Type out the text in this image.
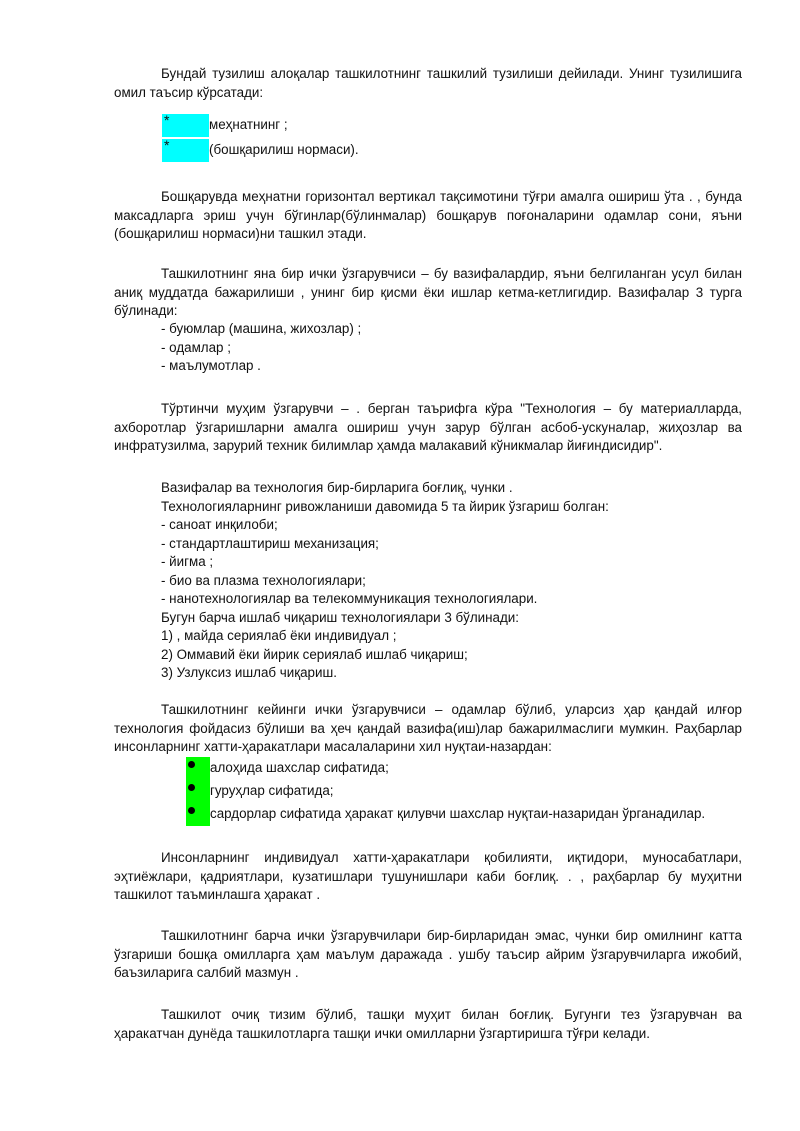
Бундай тузилиш алоқалар ташкилотнинг ташкилий тузилиши дейилади. Унинг тузилишига омил таъсир кўрсатади:

*	меҳнатнинг ;
*	(бошқарилиш нормаси).

Бошқарувда меҳнатни горизонтал вертикал тақсимотини тўғри амалга ошириш ўта . , бунда максадларга эриш учун бўгинлар(бўлинмалар) бошқарув поғоналарини одамлар сони, яъни (бошқарилиш нормаси)ни ташкил этади.

Ташкилотнинг яна бир ички ўзгарувчиси – бу вазифалардир, яъни белгиланган усул билан аниқ муддатда бажарилиши , унинг бир қисми ёки ишлар кетма-кетлигидир. Вазифалар 3 турга бўлинади:

- буюмлар (машина, жихозлар) ;
- одамлар ;
- маълумотлар .

Тўртинчи муҳим ўзгарувчи – . берган таърифга кўра "Технология – бу материалларда, ахборотлар ўзгаришларни амалга ошириш учун зарур бўлган асбоб-ускуналар, жиҳозлар ва инфратузилма, зарурий техник билимлар ҳамда малакавий кўникмалар йиғиндисидир".

Вазифалар ва технология бир-бирларига боғлиқ, чунки .
Технологияларнинг ривожланиши давомида 5 та йирик ўзгариш болган:
- саноат инқилоби;
- стандартлаштириш механизация;
- йигма ;
- био ва плазма технологиялари;
- нанотехнологиялар ва телекоммуникация технологиялари.
Бугун барча ишлаб чиқариш технологиялари 3 бўлинади:
1) , майда сериялаб ёки индивидуал ;
2) Оммавий ёки йирик сериялаб ишлаб чиқариш;
3) Узлуксиз ишлаб чиқариш.

Ташкилотнинг кейинги ички ўзгарувчиси – одамлар бўлиб, уларсиз ҳар қандай илғор технология фойдасиз бўлиши ва ҳеч қандай вазифа(иш)лар бажарилмаслиги мумкин. Раҳбарлар инсонларнинг хатти-ҳаракатлари масалаларини хил нуқтаи-назардан:

алоҳида шахслар сифатида;
гуруҳлар сифатида;
сардорлар сифатида ҳаракат қилувчи шахслар нуқтаи-назаридан ўрганадилар.

Инсонларнинг индивидуал хатти-ҳаракатлари қобилияти, иқтидори, муносабатлари, эҳтиёжлари, қадриятлари, кузатишлари тушунишлари каби боғлиқ. . , раҳбарлар бу муҳитни ташкилот таъминлашга ҳаракат .

Ташкилотнинг барча ички ўзгарувчилари бир-бирларидан эмас, чунки бир омилнинг катта ўзгариши бошқа омилларга ҳам маълум даражада . ушбу таъсир айрим ўзгарувчиларга ижобий, баъзиларига салбий мазмун .

Ташкилот очиқ тизим бўлиб, ташқи муҳит билан боғлиқ. Бугунги тез ўзгарувчан ва ҳаракатчан дунёда ташкилотларга ташқи ички омилларни ўзгартиришга тўғри келади.
